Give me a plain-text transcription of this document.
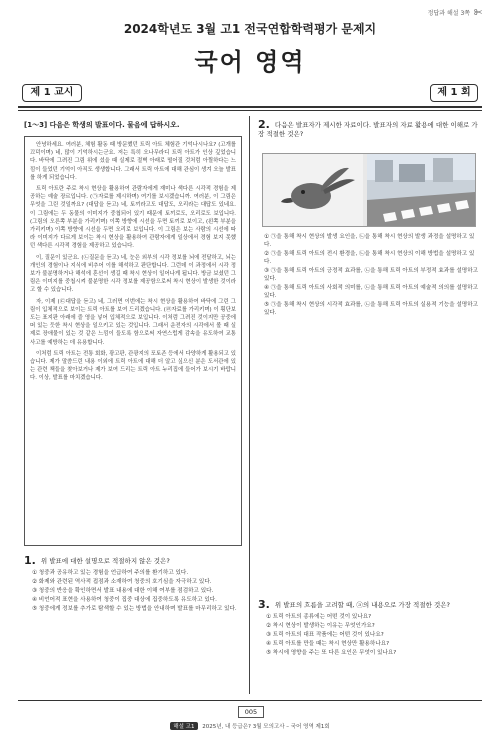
정답과 해설 3쪽
2024학년도 3월 고1 전국연합학력평가 문제지
국어 영역
제 1 교시	제 1 회
[1～3] 다음은 학생의 발표이다. 물음에 답하시오.

안녕하세요. 여러분, 체험 활동 때 방문했던 트릭 아트 체험관 기억나시나요? (고개를 끄덕이며) 네, 많이 기억하시는군요. 저는 특히 오나무라디 트릭 아트가 인상 깊었습니다. 바닥에 그려진 그림 위에 섰을 때 실제로 절벽 아래로 떨어질 것처럼 아찔하다는 느낌이 들었던 기억이 아직도 생생합니다. 그래서 트릭 아트에 대해 관심이 생겨 오늘 발표를 하게 되었습니다.

트릭 아트란 주로 착시 현상을 활용하여 관람자에게 재미나 색다른 시각적 경험을 제공하는 예술 장르입니다. (㉠자료를 제시하며) 여기를 보시겠습니까. 여러분, 이 그림은 무엇을 그린 것일까요? (대답을 듣고) 네, 토끼라고도 대답도, 오리라는 대답도 있네요. 이 그림에는 두 동물의 이미지가 중첩되어 있기 때문에 토끼로도, 오리로도 보입니다. (그림의 오른쪽 부분을 가리키며) 이쪽 방향에 시선을 두면 토끼로 보이고, (왼쪽 부분을 가리키며) 이쪽 방향에 시선을 두면 오리로 보입니다. 이 그림은 보는 사람의 시선에 따라 이미지가 다르게 보이는 착시 현상을 활용하여 관람자에게 일상에서 경험 보지 못했던 색다른 시각적 경험을 제공하고 있습니다.

이, 질문이 있군요. (㉡질문을 듣고) 네, 눈은 외부의 시각 정보를 뇌에 전달하고, 뇌는 개인의 경험이나 지식에 비추어 이를 해석하고 판단합니다. 그런데 이 과정에서 시각 정보가 불분명하거나 해석에 혼선이 생길 때 착시 현상이 일어나게 됩니다. 방금 보셨던 그림은 이미지를 중첩시켜 불분명한 시각 정보를 제공함으로써 착시 현상이 발생한 것이라고 할 수 있습니다.

자, 이제 (㉢대답을 듣고) 네, 그러면 이번에는 착시 현상을 활용하여 바닥에 그린 그림이 입체적으로 보이는 트릭 아트를 보여 드리겠습니다. (㉣자료를 가리키며) 이 횡단보도는 표지판 아래에 즐 영을 넣어 입체적으로 보입니다. 이처럼 그려진 것이지만 공중에 떠 있는 듯한 착시 현상을 일으키고 있는 것입니다. 그래서 운전자의 시각에서 볼 때 실제로 장애물이 있는 것 같은 느낌이 들도록 함으로써 자연스럽게 감속을 유도하여 교통사고를 예방하는 데 유용합니다.

이처럼 트릭 아트는 전통 회화, 광고판, 관광지의 포토존 등에서 다양하게 활용되고 있습니다. 제가 말씀드린 내용 이외에 트릭 아트에 대해 더 알고 싶으신 분은 도서관에 있는 관련 책들을 찾아보거나 제가 보여 드리는 트릭 아트 누리집에 들어가 보시기 바랍니다. 이상, 발표를 마치겠습니다.

1. 위 발표에 대한 설명으로 적절하지 않은 것은?
① 청중과 공유하고 있는 경험을 언급하여 주의를 환기하고 있다.
② 화제와 관련된 역사적 접점과 소재하여 청중의 호기심을 자극하고 있다.
③ 청중의 반응을 확인하면서 발표 내용에 대한 이해 여부를 점검하고 있다.
④ 비언어적 표현을 사용하여 청중이 집중 대상에 집중하도록 유도하고 있다.
⑤ 청중에게 정보를 추가로 탐색할 수 있는 방법을 안내하며 발표를 마무리하고 있다.
2. 다음은 발표자가 제시한 자료이다. 발표자의 자료 활용에 대한 이해로 가장 적절한 것은?
① ㉠을 통해 착시 현상의 발생 요인을, ㉡을 통해 착시 현상의 발생 과정을 설명하고 있다.
② ㉠을 통해 트릭 아트의 전시 환경을, ㉡을 통해 착시 현상의 이해 방법을 설명하고 있다.
③ ㉠을 통해 트릭 아트의 긍정적 효과를, ㉡을 통해 트릭 아트의 부정적 효과를 설명하고 있다.
④ ㉠을 통해 트릭 아트의 사회적 의미를, ㉡을 통해 트릭 아트의 예술적 의의를 설명하고 있다.
⑤ ㉠을 통해 착시 현상의 시각적 효과를, ㉡을 통해 트릭 아트의 실용적 기능을 설명하고 있다.
3. 위 발표의 흐름을 고려할 때, ⓐ의 내용으로 가장 적절한 것은?
① 트릭 아트의 종류에는 어떤 것이 있나요?
② 착시 현상이 발생하는 이유는 무엇인가요?
③ 트릭 아트의 대표 작품에는 어떤 것이 있나요?
④ 트릭 아트를 만들 때는 착시 현상만 활용하나요?
⑤ 착시에 영향을 주는 또 다른 요인은 무엇이 있나요?
005
해설 고1 2025년, 내 등급은? 3월 모의고사 – 국어 영역 제1회
